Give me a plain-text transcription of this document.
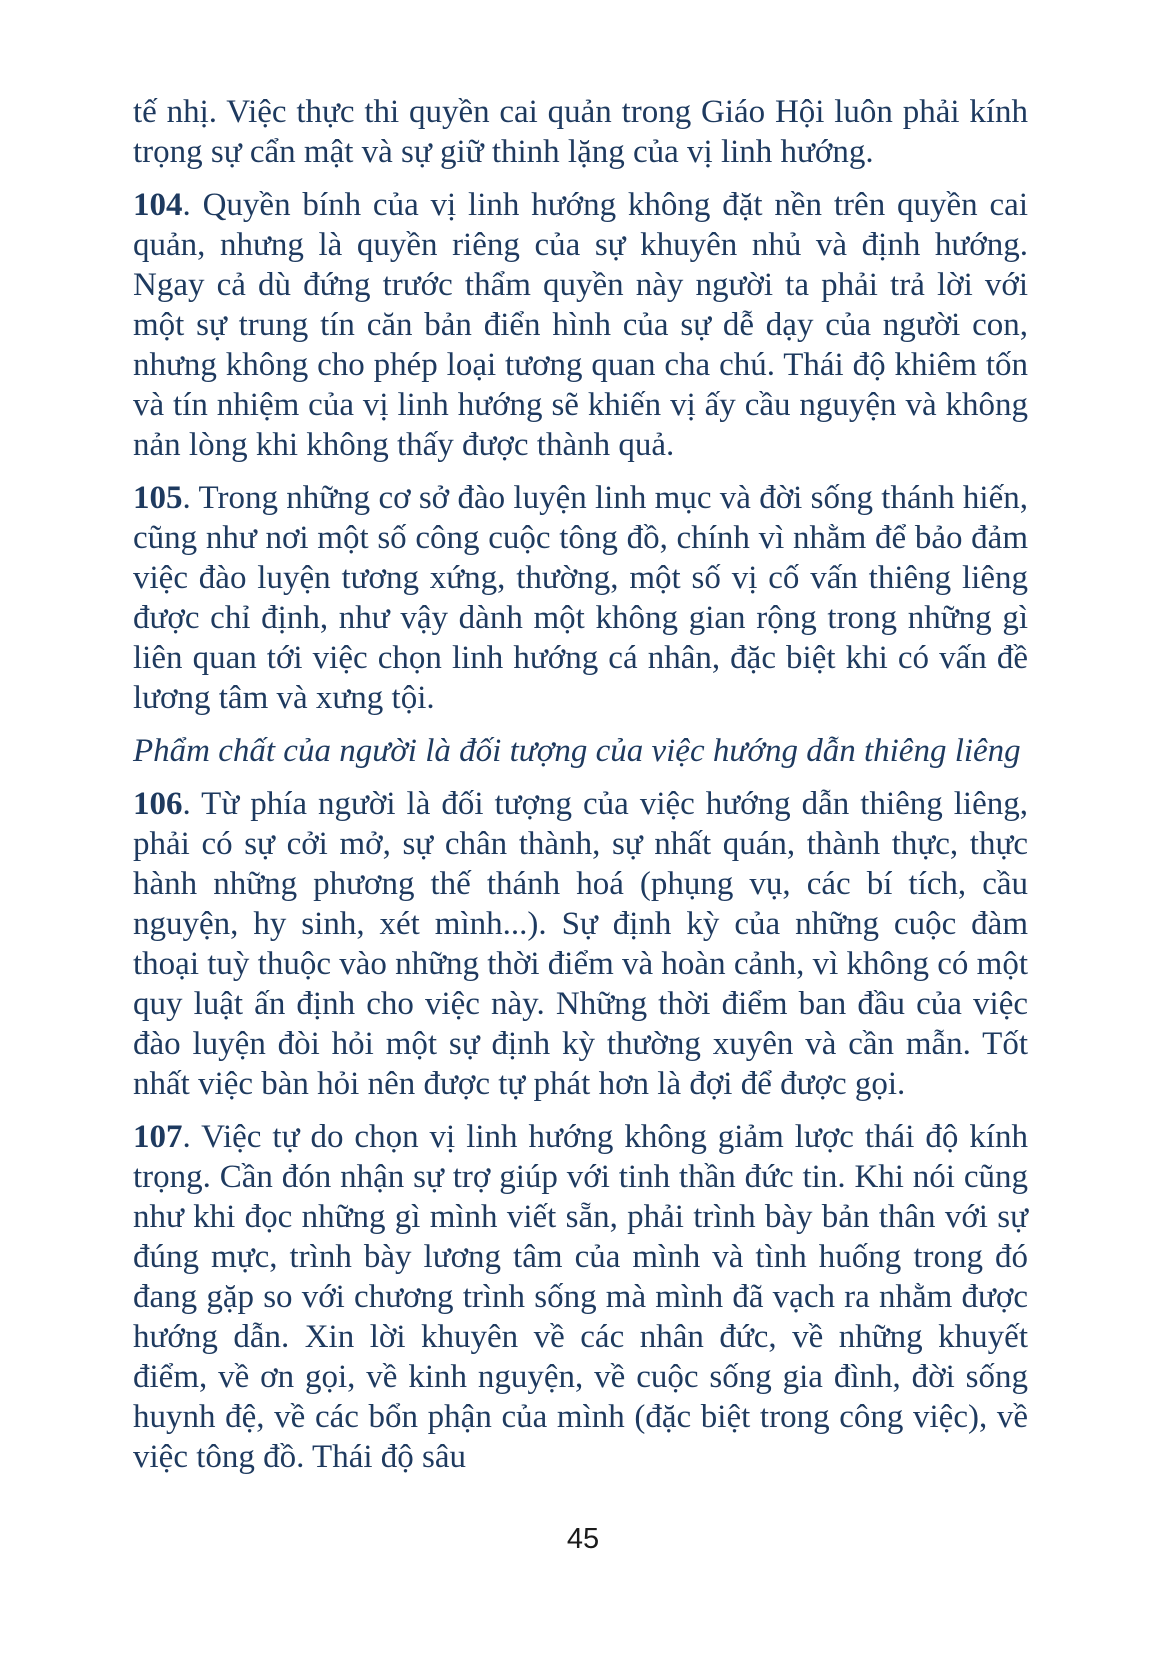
tế nhị. Việc thực thi quyền cai quản trong Giáo Hội luôn phải kính trọng sự cẩn mật và sự giữ thinh lặng của vị linh hướng.

104. Quyền bính của vị linh hướng không đặt nền trên quyền cai quản, nhưng là quyền riêng của sự khuyên nhủ và định hướng. Ngay cả dù đứng trước thẩm quyền này người ta phải trả lời với một sự trung tín căn bản điển hình của sự dễ dạy của người con, nhưng không cho phép loại tương quan cha chú. Thái độ khiêm tốn và tín nhiệm của vị linh hướng sẽ khiến vị ấy cầu nguyện và không nản lòng khi không thấy được thành quả.

105. Trong những cơ sở đào luyện linh mục và đời sống thánh hiến, cũng như nơi một số công cuộc tông đồ, chính vì nhằm để bảo đảm việc đào luyện tương xứng, thường, một số vị cố vấn thiêng liêng được chỉ định, như vậy dành một không gian rộng trong những gì liên quan tới việc chọn linh hướng cá nhân, đặc biệt khi có vấn đề lương tâm và xưng tội.

Phẩm chất của người là đối tượng của việc hướng dẫn thiêng liêng

106. Từ phía người là đối tượng của việc hướng dẫn thiêng liêng, phải có sự cởi mở, sự chân thành, sự nhất quán, thành thực, thực hành những phương thế thánh hoá (phụng vụ, các bí tích, cầu nguyện, hy sinh, xét mình...). Sự định kỳ của những cuộc đàm thoại tuỳ thuộc vào những thời điểm và hoàn cảnh, vì không có một quy luật ấn định cho việc này. Những thời điểm ban đầu của việc đào luyện đòi hỏi một sự định kỳ thường xuyên và cần mẫn. Tốt nhất việc bàn hỏi nên được tự phát hơn là đợi để được gọi.

107. Việc tự do chọn vị linh hướng không giảm lược thái độ kính trọng. Cần đón nhận sự trợ giúp với tinh thần đức tin. Khi nói cũng như khi đọc những gì mình viết sẵn, phải trình bày bản thân với sự đúng mực, trình bày lương tâm của mình và tình huống trong đó đang gặp so với chương trình sống mà mình đã vạch ra nhằm được hướng dẫn. Xin lời khuyên về các nhân đức, về những khuyết điểm, về ơn gọi, về kinh nguyện, về cuộc sống gia đình, đời sống huynh đệ, về các bổn phận của mình (đặc biệt trong công việc), về việc tông đồ. Thái độ sâu

45
